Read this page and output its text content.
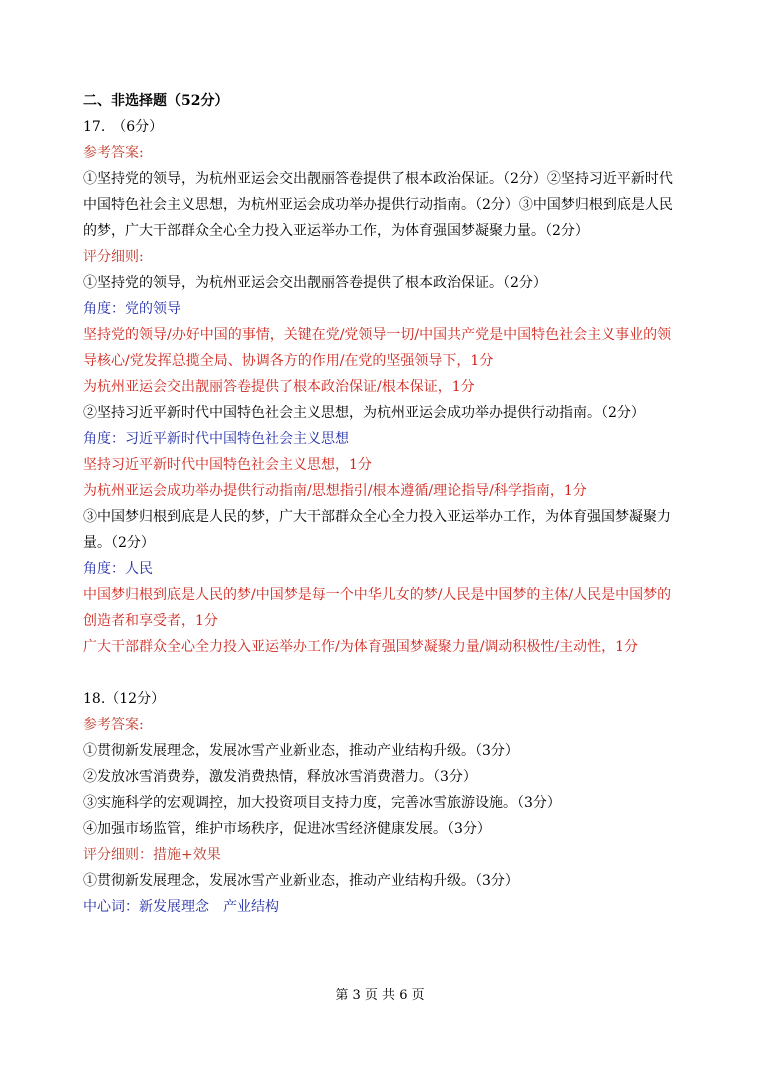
二、非选择题（52分）
17.　（6分）
参考答案:
①坚持党的领导，为杭州亚运会交出靓丽答卷提供了根本政治保证。（2分）②坚持习近平新时代中国特色社会主义思想，为杭州亚运会成功举办提供行动指南。（2分）③中国梦归根到底是人民的梦，广大干部群众全心全力投入亚运举办工作，为体育强国梦凝聚力量。（2分）
评分细则:
①坚持党的领导，为杭州亚运会交出靓丽答卷提供了根本政治保证。（2分）
角度：党的领导
坚持党的领导/办好中国的事情，关键在党/党领导一切/中国共产党是中国特色社会主义事业的领导核心/党发挥总揽全局、协调各方的作用/在党的坚强领导下，1分
为杭州亚运会交出靓丽答卷提供了根本政治保证/根本保证，1分
②坚持习近平新时代中国特色社会主义思想，为杭州亚运会成功举办提供行动指南。（2分）
角度：习近平新时代中国特色社会主义思想
坚持习近平新时代中国特色社会主义思想，1分
为杭州亚运会成功举办提供行动指南/思想指引/根本遵循/理论指导/科学指南，1分
③中国梦归根到底是人民的梦，广大干部群众全心全力投入亚运举办工作，为体育强国梦凝聚力量。（2分）
角度：人民
中国梦归根到底是人民的梦/中国梦是每一个中华儿女的梦/人民是中国梦的主体/人民是中国梦的创造者和享受者，1分
广大干部群众全心全力投入亚运举办工作/为体育强国梦凝聚力量/调动积极性/主动性，1分
18.（12分）
参考答案:
①贯彻新发展理念，发展冰雪产业新业态，推动产业结构升级。（3分）
②发放冰雪消费券，激发消费热情，释放冰雪消费潜力。（3分）
③实施科学的宏观调控，加大投资项目支持力度，完善冰雪旅游设施。（3分）
④加强市场监管，维护市场秩序，促进冰雪经济健康发展。（3分）
评分细则：措施+效果
①贯彻新发展理念，发展冰雪产业新业态，推动产业结构升级。（3分）
中心词：新发展理念　产业结构
第 3 页 共 6 页
